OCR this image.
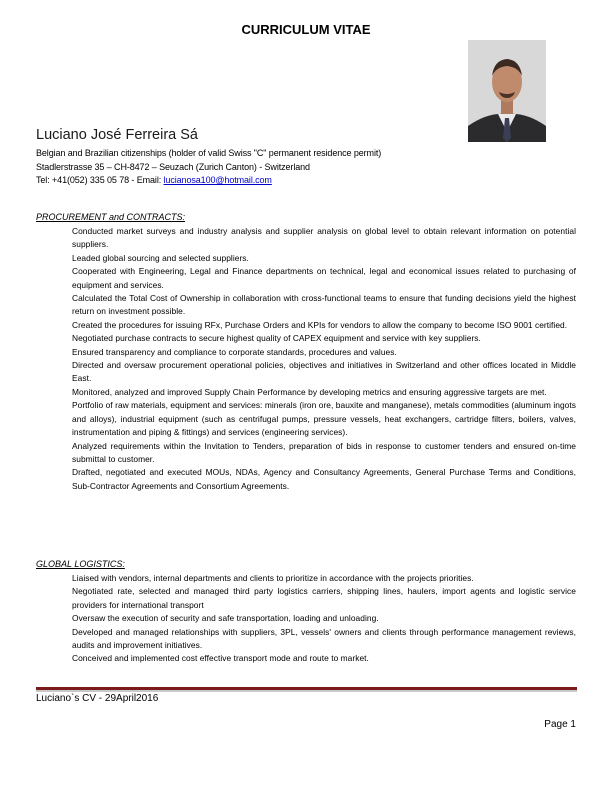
CURRICULUM VITAE
Luciano José Ferreira Sá
Belgian and Brazilian citizenships (holder of valid Swiss "C" permanent residence permit)
Stadlerstrasse 35 – CH-8472 – Seuzach (Zurich Canton) - Switzerland
Tel: +41(052) 335 05 78 - Email: lucianosa100@hotmail.com
PROCUREMENT and CONTRACTS:
Conducted market surveys and industry analysis and supplier analysis on global level to obtain relevant information on potential suppliers.
Leaded global sourcing and selected suppliers.
Cooperated with Engineering, Legal and Finance departments on technical, legal and economical issues related to purchasing of equipment and services.
Calculated the Total Cost of Ownership in collaboration with cross-functional teams to ensure that funding decisions yield the highest return on investment possible.
Created the procedures for issuing RFx, Purchase Orders and KPIs for vendors to allow the company to become ISO 9001 certified.
Negotiated purchase contracts to secure highest quality of CAPEX equipment and service with key suppliers.
Ensured transparency and compliance to corporate standards, procedures and values.
Directed and oversaw procurement operational policies, objectives and initiatives in Switzerland and other offices located in Middle East.
Monitored, analyzed and improved Supply Chain Performance by developing metrics and ensuring aggressive targets are met.
Portfolio of raw materials, equipment and services: minerals (iron ore, bauxite and manganese), metals commodities (aluminum ingots and alloys), industrial equipment (such as centrifugal pumps, pressure vessels, heat exchangers, cartridge filters, boilers, valves, instrumentation and piping & fittings) and services (engineering services).
Analyzed requirements within the Invitation to Tenders, preparation of bids in response to customer tenders and ensured on-time submittal to customer.
Drafted, negotiated and executed MOUs, NDAs, Agency and Consultancy Agreements, General Purchase Terms and Conditions, Sub-Contractor Agreements and Consortium Agreements.
GLOBAL LOGISTICS:
Liaised with vendors, internal departments and clients to prioritize in accordance with the projects priorities.
Negotiated rate, selected and managed third party logistics carriers, shipping lines, haulers, import agents and logistic service providers for international transport
Oversaw the execution of security and safe transportation, loading and unloading.
Developed and managed relationships with suppliers, 3PL, vessels' owners and clients through performance management reviews, audits and improvement initiatives.
Conceived and implemented cost effective transport mode and route to market.
Luciano`s CV - 29April2016
Page 1
